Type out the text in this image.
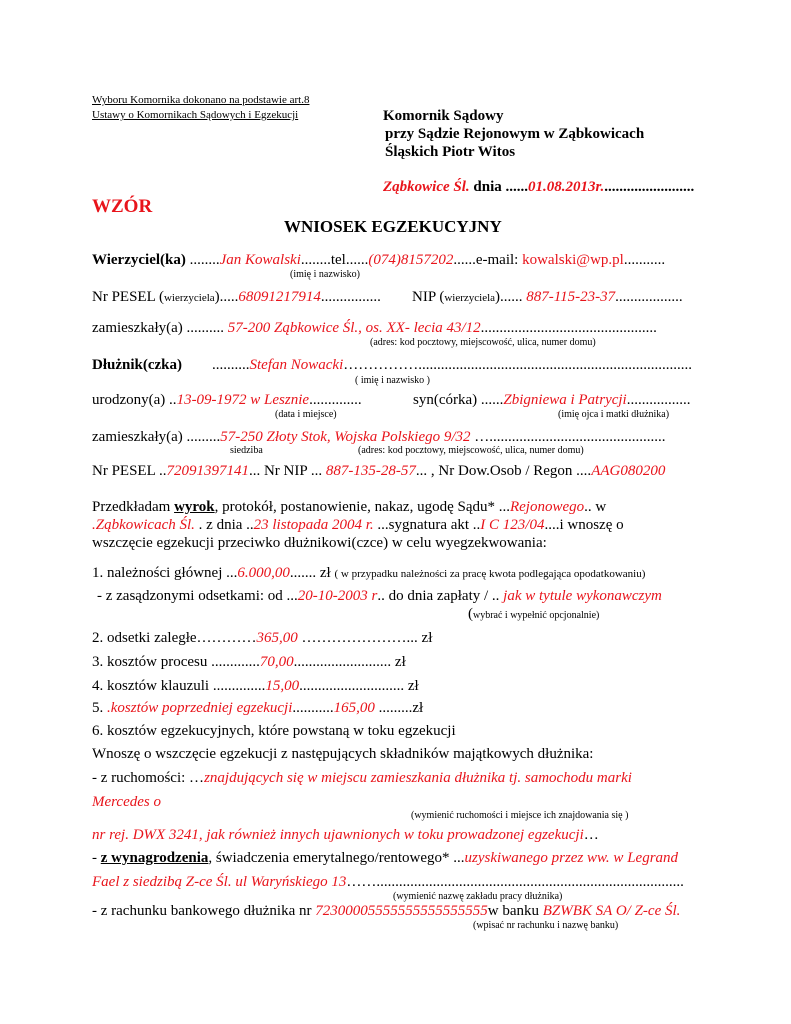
Wyboru Komornika dokonano na podstawie art.8
Ustawy o Komornikach Sądowych i Egzekucji	Komornik Sądowy
przy Sądzie Rejonowym w Ząbkowicach
Śląskich Piotr Witos
Ząbkowice Śl. dnia ......01.08.2013r.........................
WZÓR
WNIOSEK EGZEKUCYJNY
Wierzyciel(ka) ........Jan Kowalski........tel......(074)8157202......e-mail: kowalski@wp.pl...........
(imię i nazwisko)
Nr PESEL (wierzyciela).....68091217914................ NIP (wierzyciela)...... 887-115-23-37..................
zamieszkały(a) .......... 57-200 Ząbkowice Śl., os. XX- lecia 43/12...............................................
(adres: kod pocztowy, miejscowość, ulica, numer domu)
Dłużnik(czka) ..........Stefan Nowacki…………….........................................................................
( imię i nazwisko )
urodzony(a) ..13-09-1972 w Lesznie..............	syn(córka) ......Zbigniewa i Patrycji.................
(data i miejsce)	(imię ojca i matki dłużnika)
zamieszkały(a) .........57-250 Złoty Stok, Wojska Polskiego 9/32 …...............................................
siedziba	(adres: kod pocztowy, miejscowość, ulica, numer domu)
Nr PESEL ..72091397141... Nr NIP ... 887-135-28-57... , Nr Dow.Osob / Regon ....AAG080200
Przedkładam wyrok, protokół, postanowienie, nakaz, ugodę Sądu* ...Rejonowego.. w
.Ząbkowicach Śl. . z dnia ..23 listopada 2004 r. ...sygnatura akt ..I C 123/04....i wnoszę o
wszczęcie egzekucji przeciwko dłużnikowi(czce) w celu wyegzekwowania:
1. należności głównej ...6.000,00....... zł ( w przypadku należności za pracę kwota podlegająca opodatkowaniu)
- z zasądzonymi odsetkami: od ...20-10-2003 r.. do dnia zapłaty / .. jak w tytule wykonawczym
(wybrać i wypełnić opcjonalnie)
2. odsetki zaległe…………365,00 …………………... zł
3. kosztów procesu .............70,00.......................... zł
4. kosztów klauzuli ..............15,00............................ zł
5. .kosztów poprzedniej egzekucji...........165,00 .........zł
6. kosztów egzekucyjnych, które powstaną w toku egzekucji
Wnoszę o wszczęcie egzekucji z następujących składników majątkowych dłużnika:
- z ruchomości: …znajdujących się w miejscu zamieszkania dłużnika tj. samochodu marki
Mercedes o
(wymienić ruchomości i miejsce ich znajdowania się )
nr rej. DWX 3241, jak również innych ujawnionych w toku prowadzonej egzekucji…
- z wynagrodzenia, świadczenia emerytalnego/rentowego* ...uzyskiwanego przez ww. w Legrand
Fael z siedzibą Z-ce Śl. ul Waryńskiego 13……..................................................................................
(wymienić nazwę zakładu pracy dłużnika)
- z rachunku bankowego dłużnika nr 72300005555555555555555w banku BZWBK SA O/ Z-ce Śl.
(wpisać nr rachunku i nazwę banku)
